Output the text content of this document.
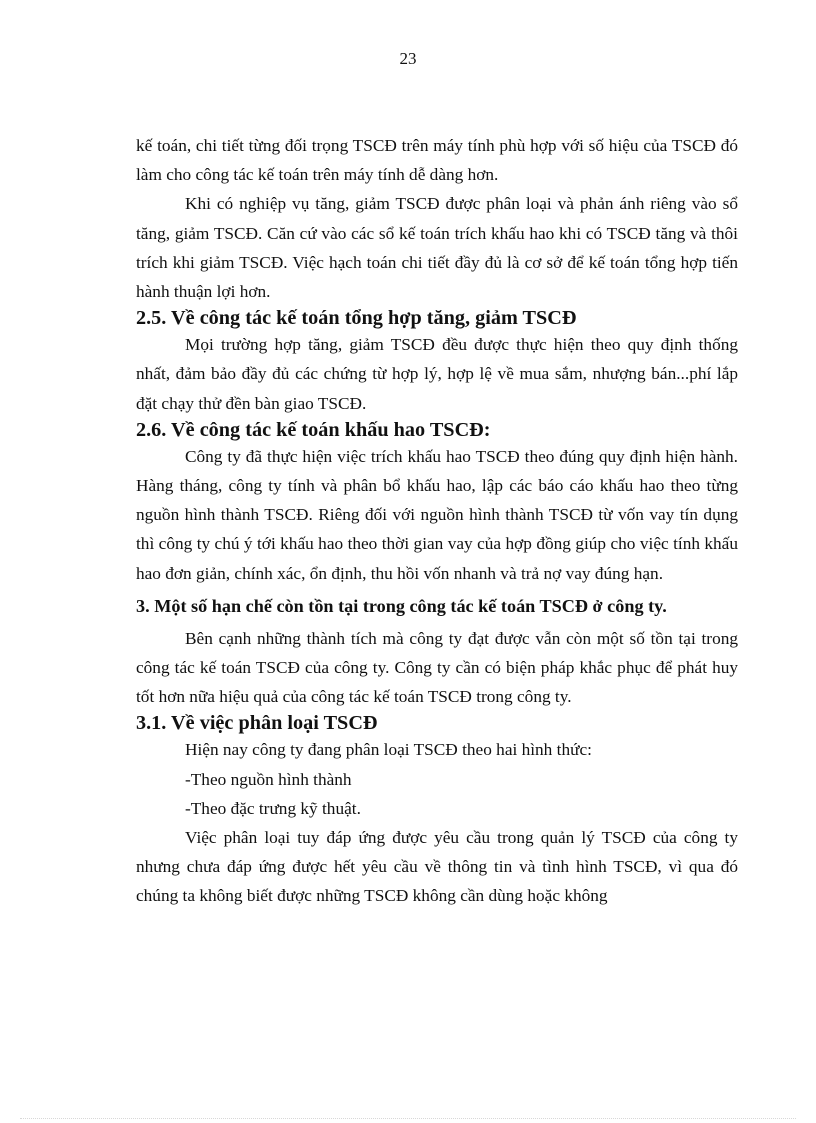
23

kế toán, chi tiết từng đối trọng TSCĐ trên máy tính phù hợp với số hiệu của TSCĐ đó làm cho công tác kế toán trên máy tính dễ dàng hơn.

Khi có nghiệp vụ tăng, giảm TSCĐ được phân loại và phản ánh riêng vào sổ tăng, giảm TSCĐ. Căn cứ vào các sổ kế toán trích khấu hao khi có TSCĐ tăng và thôi trích khi giảm TSCĐ. Việc hạch toán chi tiết đầy đủ là cơ sở để kế toán tổng hợp tiến hành thuận lợi hơn.

2.5. Về công tác kế toán tổng hợp tăng, giảm TSCĐ

Mọi trường hợp tăng, giảm TSCĐ đều được thực hiện theo quy định thống nhất, đảm bảo đầy đủ các chứng từ hợp lý, hợp lệ về mua sắm, nhượng bán...phí lắp đặt chạy thử đền bàn giao TSCĐ.

2.6. Về công tác kế toán khấu hao TSCĐ:

Công ty đã thực hiện việc trích khấu hao TSCĐ theo đúng quy định hiện hành. Hàng tháng, công ty tính và phân bổ khấu hao, lập các báo cáo khấu hao theo từng nguồn hình thành TSCĐ. Riêng đối với nguồn hình thành TSCĐ từ vốn vay tín dụng thì công ty chú ý tới khấu hao theo thời gian vay của hợp đồng giúp cho việc tính khấu hao đơn giản, chính xác, ổn định, thu hồi vốn nhanh và trả nợ vay đúng hạn.

3. Một số hạn chế còn tồn tại trong công tác kế toán TSCĐ ở công ty.

Bên cạnh những thành tích mà công ty đạt được vẫn còn một số tồn tại trong công tác kế toán TSCĐ của công ty. Công ty cần có biện pháp khắc phục để phát huy tốt hơn nữa hiệu quả của công tác kế toán TSCĐ trong công ty.

3.1. Về việc phân loại TSCĐ

Hiện nay công ty đang phân loại TSCĐ theo hai hình thức:

-Theo nguồn hình thành

-Theo đặc trưng kỹ thuật.

Việc phân loại tuy đáp ứng được yêu cầu trong quản lý TSCĐ của công ty nhưng chưa đáp ứng được hết yêu cầu về thông tin và tình hình TSCĐ, vì qua đó chúng ta không biết được những TSCĐ không cần dùng hoặc không
